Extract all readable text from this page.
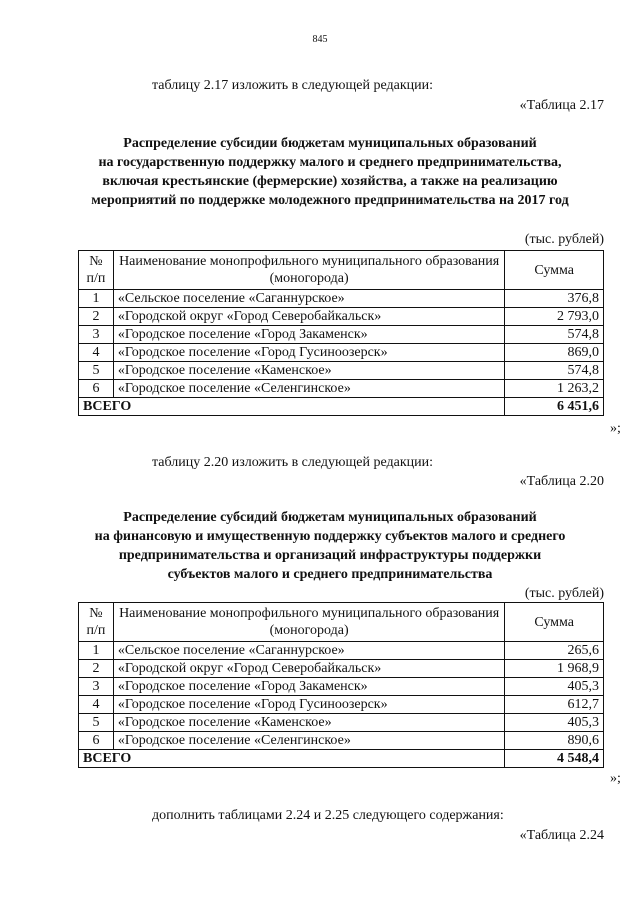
845
таблицу 2.17 изложить в следующей редакции:
«Таблица 2.17
Распределение субсидии бюджетам муниципальных образований
на государственную поддержку малого и среднего предпринимательства,
включая крестьянские (фермерские) хозяйства, а также на реализацию
мероприятий по поддержке молодежного предпринимательства на 2017 год
(тыс. рублей)
№ п/п	Наименование монопрофильного муниципального образования (моногорода)	Сумма
1	«Сельское поселение «Саганнурское»	376,8
2	«Городской округ «Город Северобайкальск»	2 793,0
3	«Городское поселение «Город Закаменск»	574,8
4	«Городское поселение «Город Гусиноозерск»	869,0
5	«Городское поселение «Каменское»	574,8
6	«Городское поселение «Селенгинское»	1 263,2
ВСЕГО		6 451,6
»;
таблицу 2.20 изложить в следующей редакции:
«Таблица 2.20
Распределение субсидий бюджетам муниципальных образований
на финансовую и имущественную поддержку субъектов малого и среднего
предпринимательства и организаций инфраструктуры поддержки
субъектов малого и среднего предпринимательства
(тыс. рублей)
№ п/п	Наименование монопрофильного муниципального образования (моногорода)	Сумма
1	«Сельское поселение «Саганнурское»	265,6
2	«Городской округ «Город Северобайкальск»	1 968,9
3	«Городское поселение «Город Закаменск»	405,3
4	«Городское поселение «Город Гусиноозерск»	612,7
5	«Городское поселение «Каменское»	405,3
6	«Городское поселение «Селенгинское»	890,6
ВСЕГО		4 548,4
»;
дополнить таблицами 2.24 и 2.25 следующего содержания:
«Таблица 2.24
